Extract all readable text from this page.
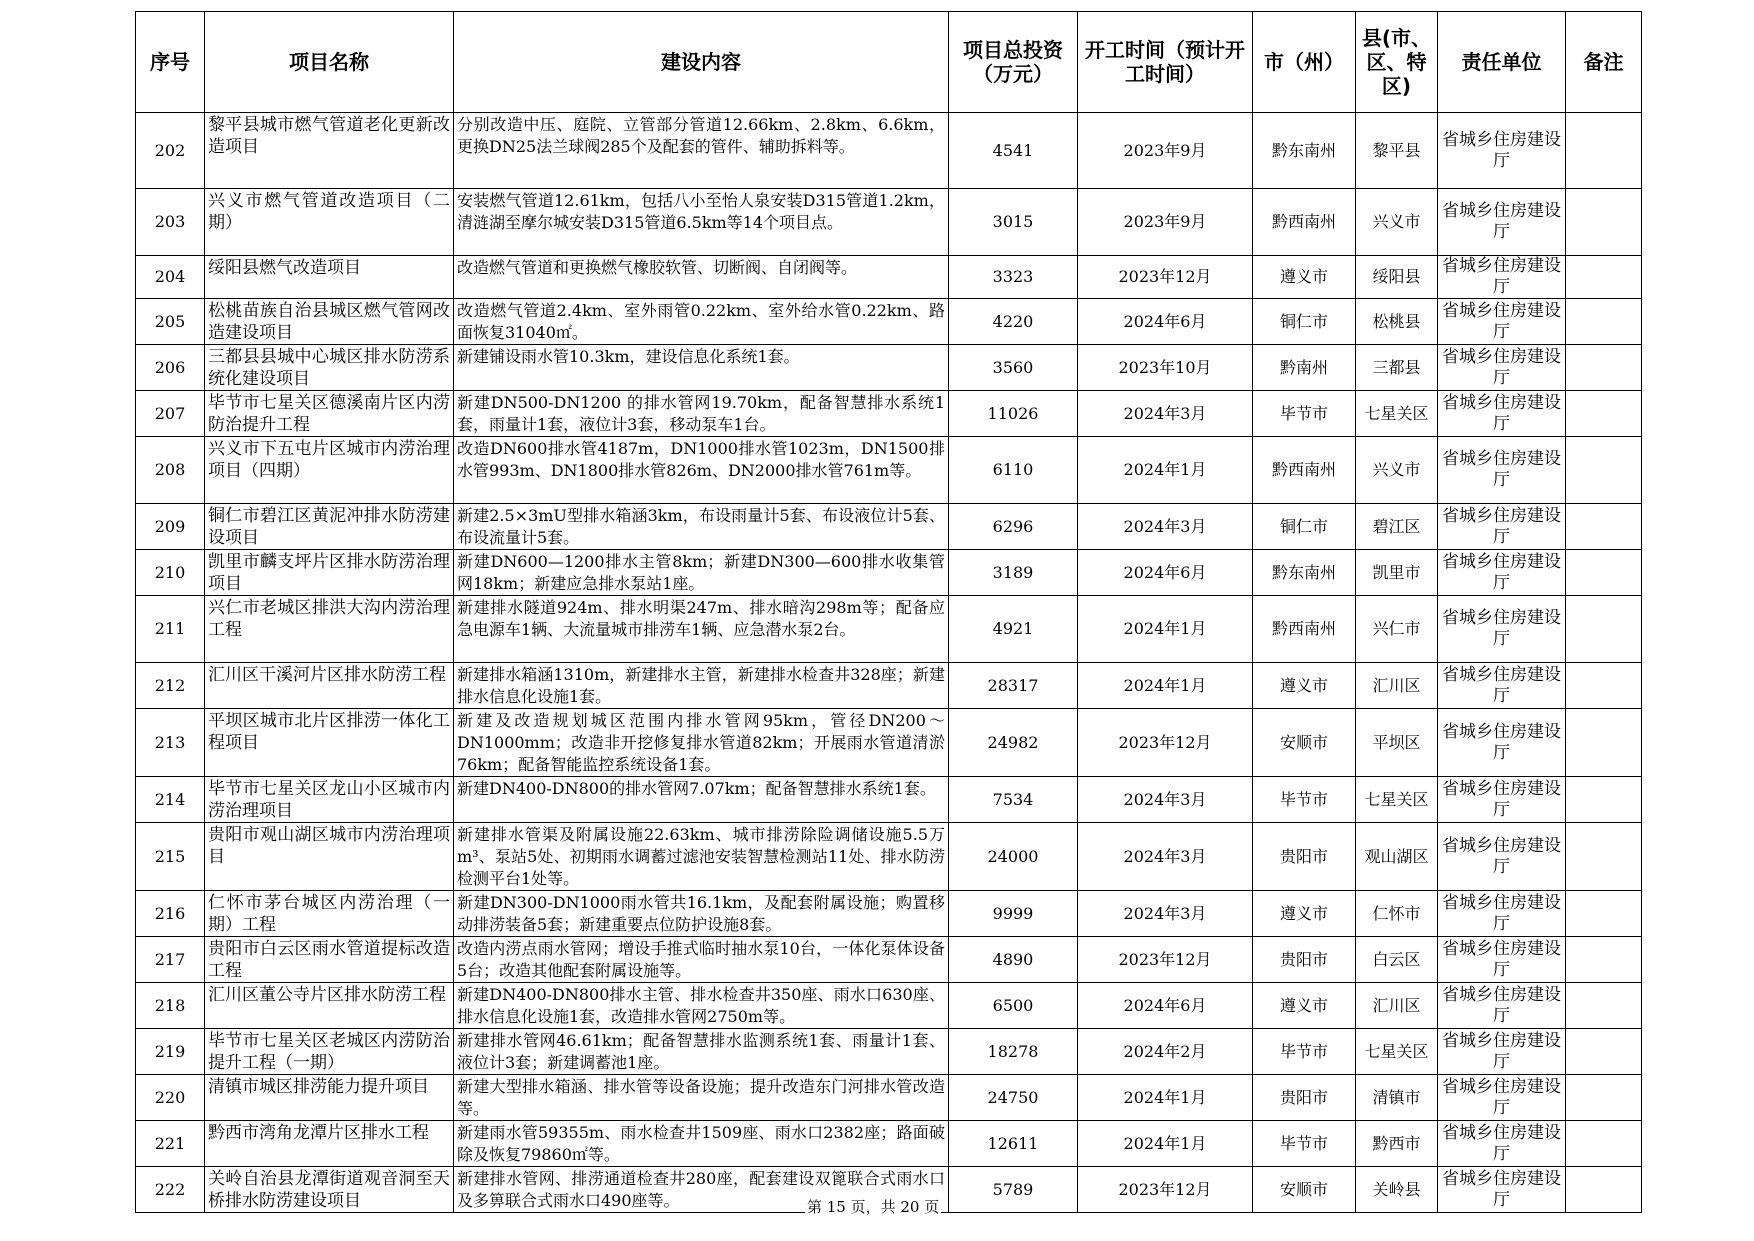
序号	项目名称	建设内容	项目总投资（万元）	开工时间（预计开工时间）	市（州）	县(市、区、特区)	责任单位	备注
202	黎平县城市燃气管道老化更新改造项目	分别改造中压、庭院、立管部分管道12.66km、2.8km、6.6km，更换DN25法兰球阀285个及配套的管件、辅助拆料等。	4541	2023年9月	黔东南州	黎平县	省城乡住房建设厅	
203	兴义市燃气管道改造项目（二期）	安装燃气管道12.61km，包括八小至怡人泉安装D315管道1.2km，清涟湖至摩尔城安装D315管道6.5km等14个项目点。	3015	2023年9月	黔西南州	兴义市	省城乡住房建设厅	
204	绥阳县燃气改造项目	改造燃气管道和更换燃气橡胶软管、切断阀、自闭阀等。	3323	2023年12月	遵义市	绥阳县	省城乡住房建设厅	
205	松桃苗族自治县城区燃气管网改造建设项目	改造燃气管道2.4km、室外雨管0.22km、室外给水管0.22km、路面恢复31040㎡。	4220	2024年6月	铜仁市	松桃县	省城乡住房建设厅	
206	三都县县城中心城区排水防涝系统化建设项目	新建铺设雨水管10.3km，建设信息化系统1套。	3560	2023年10月	黔南州	三都县	省城乡住房建设厅	
207	毕节市七星关区德溪南片区内涝防治提升工程	新建DN500-DN1200 的排水管网19.70km，配备智慧排水系统1套，雨量计1套，液位计3套，移动泵车1台。	11026	2024年3月	毕节市	七星关区	省城乡住房建设厅	
208	兴义市下五屯片区城市内涝治理项目（四期）	改造DN600排水管4187m，DN1000排水管1023m，DN1500排水管993m、DN1800排水管826m、DN2000排水管761m等。	6110	2024年1月	黔西南州	兴义市	省城乡住房建设厅	
209	铜仁市碧江区黄泥冲排水防涝建设项目	新建2.5×3mU型排水箱涵3km，布设雨量计5套、布设液位计5套、布设流量计5套。	6296	2024年3月	铜仁市	碧江区	省城乡住房建设厅	
210	凯里市麟支坪片区排水防涝治理项目	新建DN600—1200排水主管8km；新建DN300—600排水收集管网18km；新建应急排水泵站1座。	3189	2024年6月	黔东南州	凯里市	省城乡住房建设厅	
211	兴仁市老城区排洪大沟内涝治理工程	新建排水隧道924m、排水明渠247m、排水暗沟298m等；配备应急电源车1辆、大流量城市排涝车1辆、应急潜水泵2台。	4921	2024年1月	黔西南州	兴仁市	省城乡住房建设厅	
212	汇川区干溪河片区排水防涝工程	新建排水箱涵1310m，新建排水主管，新建排水检查井328座；新建排水信息化设施1套。	28317	2024年1月	遵义市	汇川区	省城乡住房建设厅	
213	平坝区城市北片区排涝一体化工程项目	新建及改造规划城区范围内排水管网95km，管径DN200～DN1000mm；改造非开挖修复排水管道82km；开展雨水管道清淤76km；配备智能监控系统设备1套。	24982	2023年12月	安顺市	平坝区	省城乡住房建设厅	
214	毕节市七星关区龙山小区城市内涝治理项目	新建DN400-DN800的排水管网7.07km；配备智慧排水系统1套。	7534	2024年3月	毕节市	七星关区	省城乡住房建设厅	
215	贵阳市观山湖区城市内涝治理项目	新建排水管渠及附属设施22.63km、城市排涝除险调储设施5.5万m³、泵站5处、初期雨水调蓄过滤池安装智慧检测站11处、排水防涝检测平台1处等。	24000	2024年3月	贵阳市	观山湖区	省城乡住房建设厅	
216	仁怀市茅台城区内涝治理（一期）工程	新建DN300-DN1000雨水管共16.1km，及配套附属设施；购置移动排涝装备5套；新建重要点位防护设施8套。	9999	2024年3月	遵义市	仁怀市	省城乡住房建设厅	
217	贵阳市白云区雨水管道提标改造工程	改造内涝点雨水管网；增设手推式临时抽水泵10台，一体化泵体设备5台；改造其他配套附属设施等。	4890	2023年12月	贵阳市	白云区	省城乡住房建设厅	
218	汇川区董公寺片区排水防涝工程	新建DN400-DN800排水主管、排水检查井350座、雨水口630座、排水信息化设施1套，改造排水管网2750m等。	6500	2024年6月	遵义市	汇川区	省城乡住房建设厅	
219	毕节市七星关区老城区内涝防治提升工程（一期）	新建排水管网46.61km；配备智慧排水监测系统1套、雨量计1套、液位计3套；新建调蓄池1座。	18278	2024年2月	毕节市	七星关区	省城乡住房建设厅	
220	清镇市城区排涝能力提升项目	新建大型排水箱涵、排水管等设备设施；提升改造东门河排水管改造等。	24750	2024年1月	贵阳市	清镇市	省城乡住房建设厅	
221	黔西市湾角龙潭片区排水工程	新建雨水管59355m、雨水检查井1509座、雨水口2382座；路面破除及恢复79860㎡等。	12611	2024年1月	毕节市	黔西市	省城乡住房建设厅	
222	关岭自治县龙潭街道观音洞至天桥排水防涝建设项目	新建排水管网、排涝通道检查井280座，配套建设双篦联合式雨水口及多箅联合式雨水口490座等。	5789	2023年12月	安顺市	关岭县	省城乡住房建设厅	
第 15 页，共 20 页
